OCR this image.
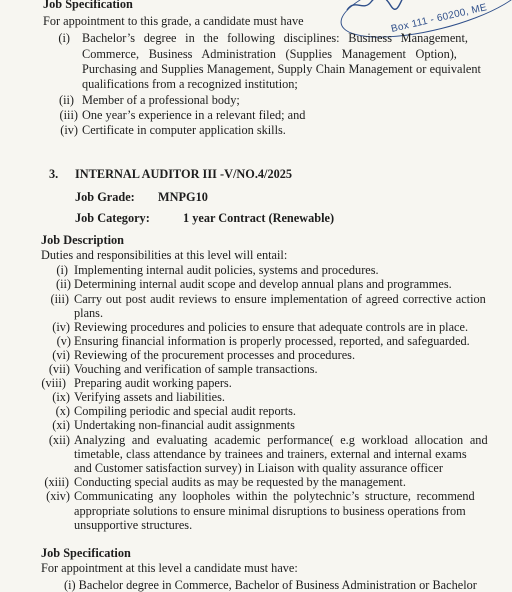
Box 111 - 60200, ME
Job Specification
For appointment to this grade, a candidate must have
(i) Bachelor’s degree in the following disciplines: Business Management,
Commerce, Business Administration (Supplies Management Option),
Purchasing and Supplies Management, Supply Chain Management or equivalent
qualifications from a recognized institution;
(ii) Member of a professional body;
(iii) One year’s experience in a relevant filed; and
(iv) Certificate in computer application skills.
3. INTERNAL AUDITOR III -V/NO.4/2025
Job Grade: MNPG10
Job Category:	1 year Contract (Renewable)
Job Description
Duties and responsibilities at this level will entail:
(i) Implementing internal audit policies, systems and procedures.
(ii) Determining internal audit scope and develop annual plans and programmes.
(iii) Carry out post audit reviews to ensure implementation of agreed corrective action
plans.
(iv) Reviewing procedures and policies to ensure that adequate controls are in place.
(v) Ensuring financial information is properly processed, reported, and safeguarded.
(vi) Reviewing of the procurement processes and procedures.
(vii) Vouching and verification of sample transactions.
(viii) Preparing audit working papers.
(ix) Verifying assets and liabilities.
(x) Compiling periodic and special audit reports.
(xi) Undertaking non-financial audit assignments
(xii) Analyzing and evaluating academic performance( e.g workload allocation and
timetable, class attendance by trainees and trainers, external and internal exams
and Customer satisfaction survey) in Liaison with quality assurance officer
(xiii) Conducting special audits as may be requested by the management.
(xiv) Communicating any loopholes within the polytechnic’s structure, recommend
appropriate solutions to ensure minimal disruptions to business operations from
unsupportive structures.
Job Specification
For appointment at this level a candidate must have:
(i) Bachelor degree in Commerce, Bachelor of Business Administration or Bachelor
